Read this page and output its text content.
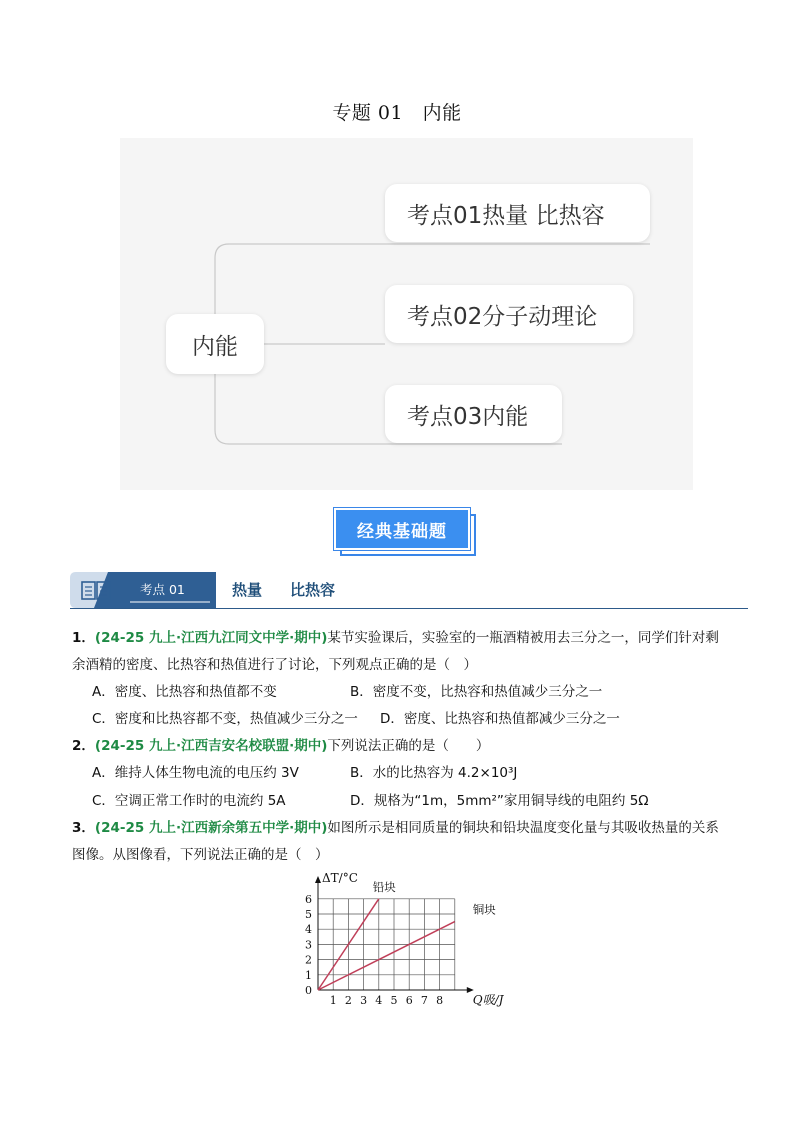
专题 01　内能
内能
考点01热量 比热容
考点02分子动理论
考点03内能
经典基础题
考点 01	热量 比热容
1．(24-25 九上·江西九江同文中学·期中)某节实验课后，实验室的一瓶酒精被用去三分之一，同学们针对剩
余酒精的密度、比热容和热值进行了讨论，下列观点正确的是（　）
A．密度、比热容和热值都不变	B．密度不变，比热容和热值减少三分之一
C．密度和比热容都不变，热值减少三分之一 D．密度、比热容和热值都减少三分之一
2．(24-25 九上·江西吉安名校联盟·期中)下列说法正确的是（　　）
A．维持人体生物电流的电压约 3V	B．水的比热容为 4.2×10³J
C．空调正常工作时的电流约 5A	D．规格为“1m，5mm²”家用铜导线的电阻约 5Ω
3．(24-25 九上·江西新余第五中学·期中)如图所示是相同质量的铜块和铅块温度变化量与其吸收热量的关系
图像。从图像看，下列说法正确的是（　）
1 2 3 4 5 6 7 8
1
2
3
4
5
6
0
铅块
铜块
ΔT/°C
Q吸/J
